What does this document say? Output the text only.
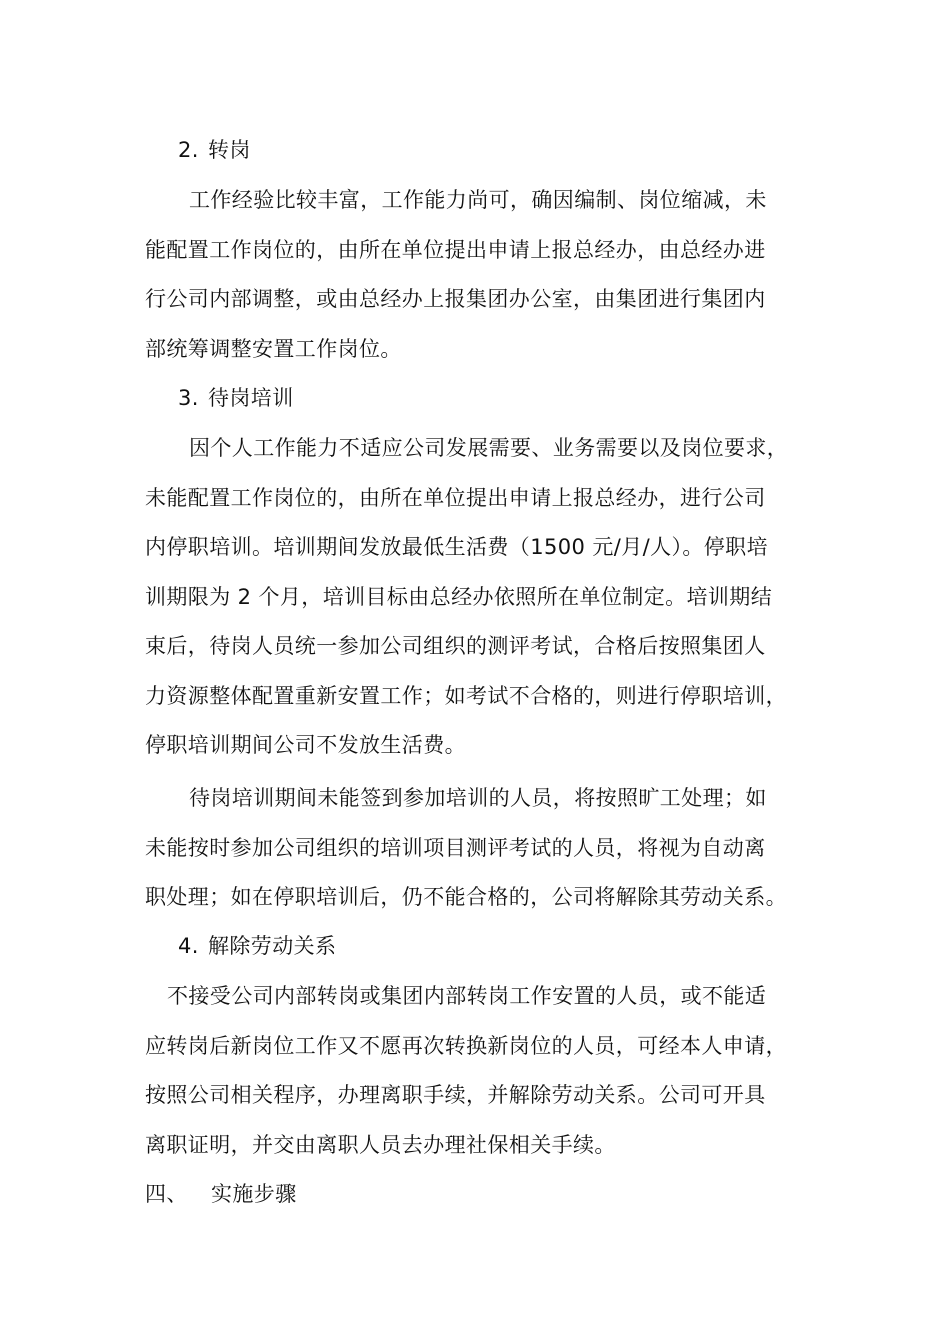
2. 转岗

工作经验比较丰富，工作能力尚可，确因编制、岗位缩减，未
能配置工作岗位的，由所在单位提出申请上报总经办，由总经办进
行公司内部调整，或由总经办上报集团办公室，由集团进行集团内
部统筹调整安置工作岗位。

3. 待岗培训

因个人工作能力不适应公司发展需要、业务需要以及岗位要求，
未能配置工作岗位的，由所在单位提出申请上报总经办，进行公司
内停职培训。培训期间发放最低生活费（1500 元/月/人）。停职培
训期限为 2 个月，培训目标由总经办依照所在单位制定。培训期结
束后，待岗人员统一参加公司组织的测评考试，合格后按照集团人
力资源整体配置重新安置工作；如考试不合格的，则进行停职培训，
停职培训期间公司不发放生活费。

待岗培训期间未能签到参加培训的人员，将按照旷工处理；如
未能按时参加公司组织的培训项目测评考试的人员，将视为自动离
职处理；如在停职培训后，仍不能合格的，公司将解除其劳动关系。

4. 解除劳动关系

不接受公司内部转岗或集团内部转岗工作安置的人员，或不能适
应转岗后新岗位工作又不愿再次转换新岗位的人员，可经本人申请，
按照公司相关程序，办理离职手续，并解除劳动关系。公司可开具
离职证明，并交由离职人员去办理社保相关手续。

四、 实施步骤
